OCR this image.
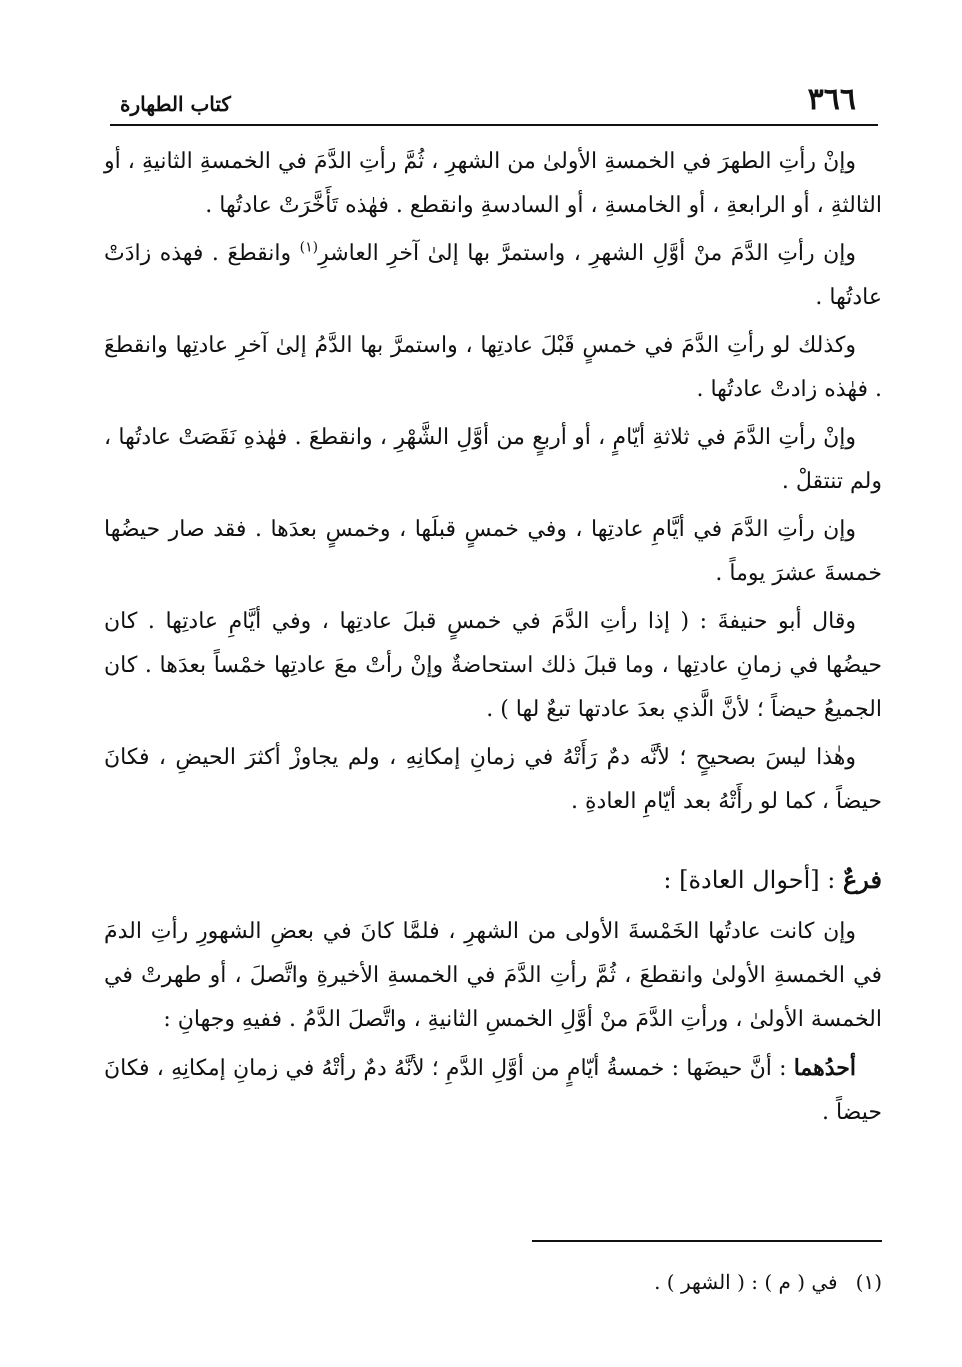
٣٦٦
كتاب الطهارة

وإنْ رأتِ الطهرَ في الخمسةِ الأولىٰ من الشهرِ ، ثُمَّ رأتِ الدَّمَ في الخمسةِ الثانيةِ ، أو الثالثةِ ، أو الرابعةِ ، أو الخامسةِ ، أو السادسةِ وانقطع . فهٰذه تَأَخَّرَتْ عادتُها .

وإن رأتِ الدَّمَ منْ أوَّلِ الشهرِ ، واستمرَّ بها إلىٰ آخرِ العاشرِ$^{(١)}$ وانقطعَ . فهذه زادَتْ عادتُها .

وكذلك لو رأتِ الدَّمَ في خمسٍ قَبْلَ عادتِها ، واستمرَّ بها الدَّمُ إلىٰ آخرِ عادتِها وانقطعَ . فهٰذه زادتْ عادتُها .

وإنْ رأتِ الدَّمَ في ثلاثةِ أيّامٍ ، أو أربعٍ من أوَّلِ الشَّهْرِ ، وانقطعَ . فهٰذهِ نَقَصَتْ عادتُها ، ولم تنتقلْ .

وإن رأتِ الدَّمَ في أيَّامِ عادتِها ، وفي خمسٍ قبلَها ، وخمسٍ بعدَها . فقد صار حيضُها خمسةَ عشرَ يوماً .

وقال أبو حنيفةَ : ( إذا رأتِ الدَّمَ في خمسٍ قبلَ عادتِها ، وفي أيَّامِ عادتِها . كان حيضُها في زمانِ عادتِها ، وما قبلَ ذلك استحاضةٌ وإنْ رأتْ معَ عادتِها خمْساً بعدَها . كان الجميعُ حيضاً ؛ لأنَّ الَّذي بعدَ عادتها تبعٌ لها ) .

وهٰذا ليسَ بصحيحٍ ؛ لأنَّه دمٌ رَأَتْهُ في زمانِ إمكانِهِ ، ولم يجاوزْ أكثرَ الحيضِ ، فكانَ حيضاً ، كما لو رأَتْهُ بعد أيّامِ العادةِ .

فرعٌ : [أحوال العادة] :

وإن كانت عادتُها الخَمْسةَ الأولى من الشهرِ ، فلمَّا كانَ في بعضِ الشهورِ رأتِ الدمَ في الخمسةِ الأولىٰ وانقطعَ ، ثُمَّ رأتِ الدَّمَ في الخمسةِ الأخيرةِ واتَّصلَ ، أو طهرتْ في الخمسة الأولىٰ ، ورأتِ الدَّمَ منْ أوَّلِ الخمسِ الثانيةِ ، واتَّصلَ الدَّمُ . ففيهِ وجهانِ :

أحدُهما : أنَّ حيضَها : خمسةُ أيّامٍ من أوَّلِ الدَّمِ ؛ لأنَّهُ دمٌ رأتْهُ في زمانِ إمكانِهِ ، فكانَ حيضاً .

(١)في ( م ) : ( الشهر ) .
